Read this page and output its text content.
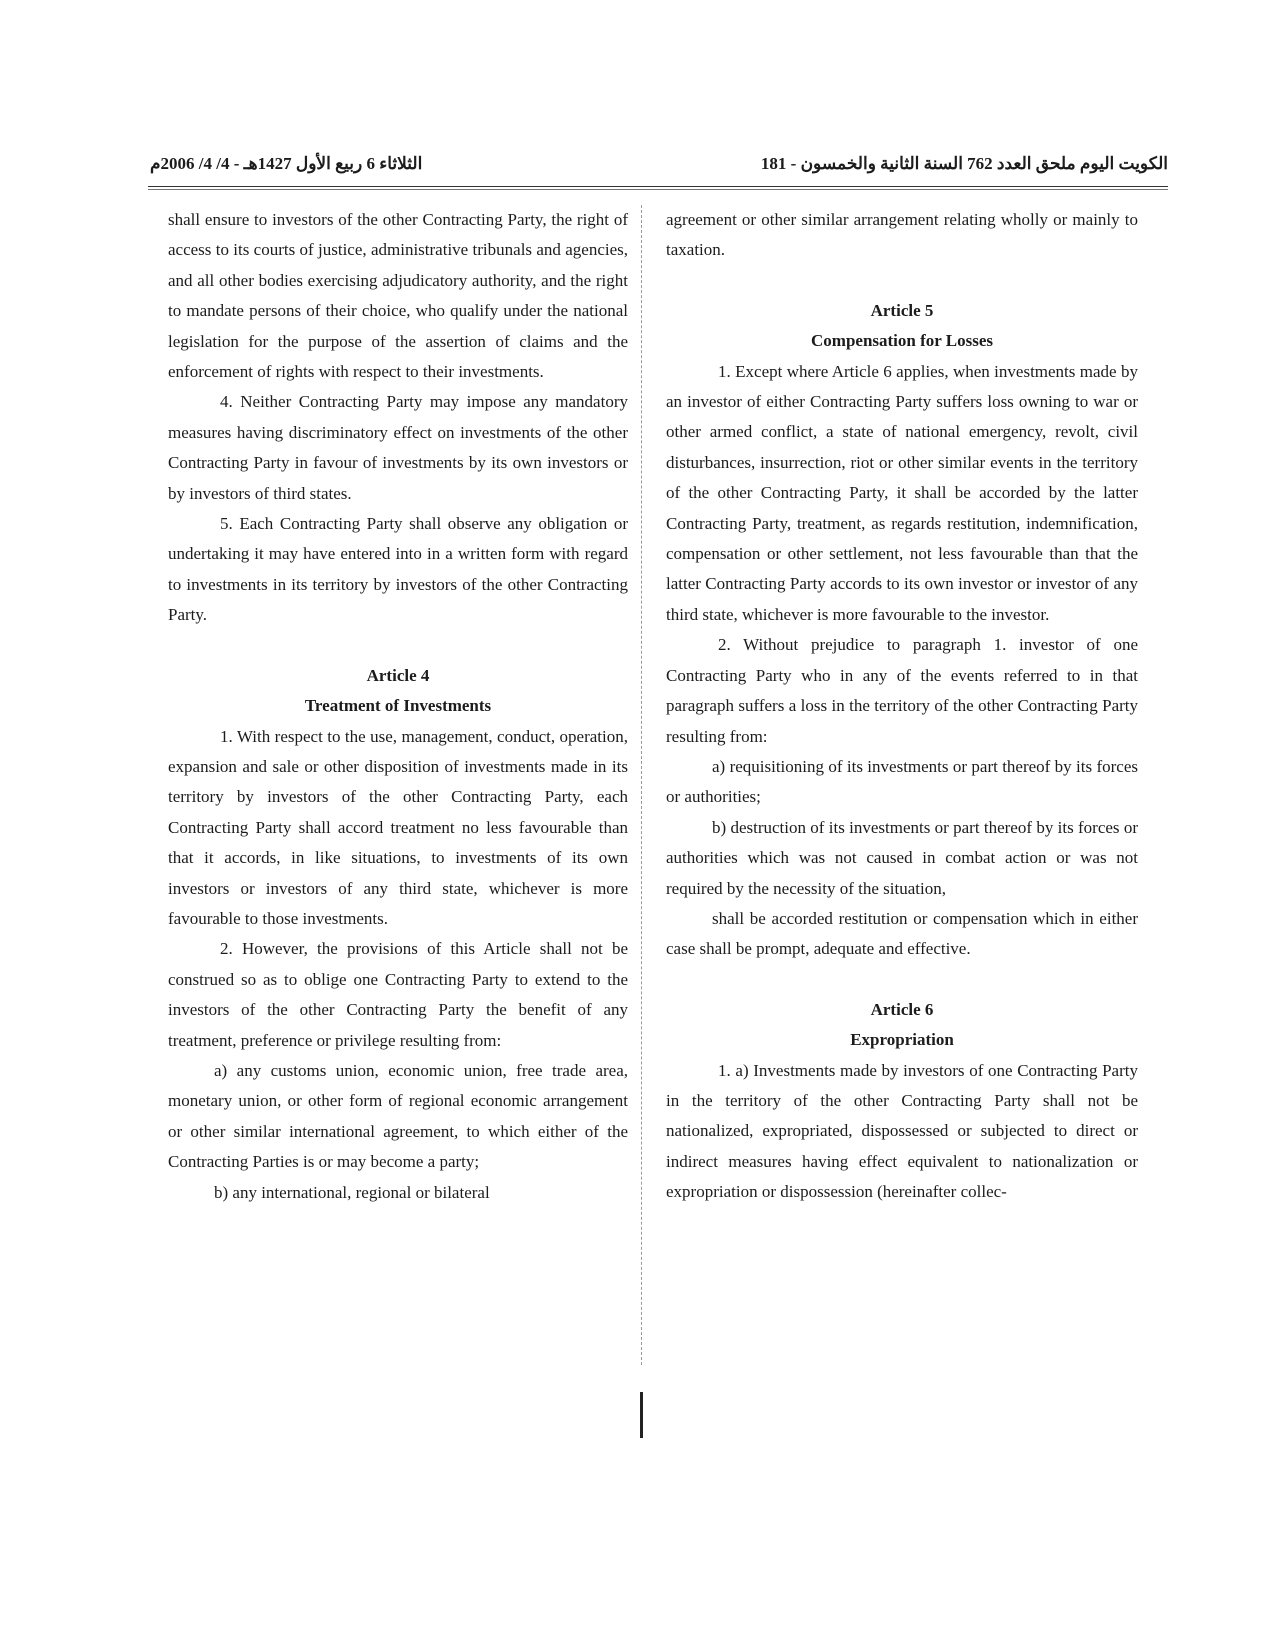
الثلاثاء 6 ربيع الأول 1427هـ - 4/ 4/ 2006م	الكويت اليوم ملحق العدد 762 السنة الثانية والخمسون - 181

shall ensure to investors of the other Contracting Party, the right of access to its courts of justice, administrative tribunals and agencies, and all other bodies exercising adjudicatory authority, and the right to mandate persons of their choice, who qualify under the national legislation for the purpose of the assertion of claims and the enforcement of rights with respect to their investments.

4. Neither Contracting Party may impose any mandatory measures having discriminatory effect on investments of the other Contracting Party in favour of investments by its own investors or by investors of third states.

5. Each Contracting Party shall observe any obligation or undertaking it may have entered into in a written form with regard to investments in its territory by investors of the other Contracting Party.

Article 4

Treatment of Investments

1. With respect to the use, management, conduct, operation, expansion and sale or other disposition of investments made in its territory by investors of the other Contracting Party, each Contracting Party shall accord treatment no less favourable than that it accords, in like situations, to investments of its own investors or investors of any third state, whichever is more favourable to those investments.

2. However, the provisions of this Article shall not be construed so as to oblige one Contracting Party to extend to the investors of the other Contracting Party the benefit of any treatment, preference or privilege resulting from:

a) any customs union, economic union, free trade area, monetary union, or other form of regional economic arrangement or other similar international agreement, to which either of the Contracting Parties is or may become a party;

b) any international, regional or bilateral

agreement or other similar arrangement relating wholly or mainly to taxation.

Article 5

Compensation for Losses

1. Except where Article 6 applies, when investments made by an investor of either Contracting Party suffers loss owning to war or other armed conflict, a state of national emergency, revolt, civil disturbances, insurrection, riot or other similar events in the territory of the other Contracting Party, it shall be accorded by the latter Contracting Party, treatment, as regards restitution, indemnification, compensation or other settlement, not less favourable than that the latter Contracting Party accords to its own investor or investor of any third state, whichever is more favourable to the investor.

2. Without prejudice to paragraph 1. investor of one Contracting Party who in any of the events referred to in that paragraph suffers a loss in the territory of the other Contracting Party resulting from:

a) requisitioning of its investments or part thereof by its forces or authorities;

b) destruction of its investments or part thereof by its forces or authorities which was not caused in combat action or was not required by the necessity of the situation,

shall be accorded restitution or compensation which in either case shall be prompt, adequate and effective.

Article 6

Expropriation

1. a) Investments made by investors of one Contracting Party in the territory of the other Contracting Party shall not be nationalized, expropriated, dispossessed or subjected to direct or indirect measures having effect equivalent to nationalization or expropriation or dispossession (hereinafter collec-
